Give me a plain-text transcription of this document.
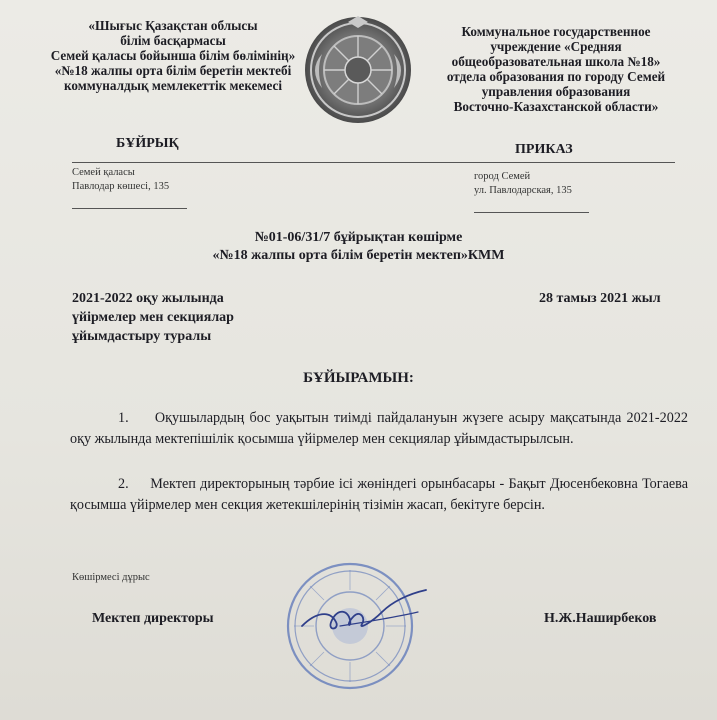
«Шығыс Қазақстан облысы
білім басқармасы
Семей қаласы бойынша білім бөлімінің»
«№18 жалпы орта білім беретін мектебі
коммуналдық мемлекеттік мекемесі
Коммунальное государственное
учреждение «Средняя
общеобразовательная школа №18»
отдела образования по городу Семей
управления образования
Восточно-Казахстанской области»
БҰЙРЫҚ	ПРИКАЗ
Семей қаласы
Павлодар көшесі, 135
город Семей
ул. Павлодарская, 135
№01-06/31/7 бұйрықтан көшірме
«№18 жалпы орта білім беретін мектеп»КММ
2021-2022 оқу жылында
үйірмелер мен секциялар
ұйымдастыру туралы
28 тамыз 2021 жыл
БҰЙЫРАМЫН:
1. Оқушылардың бос уақытын тиімді пайдалануын жүзеге асыру мақсатында 2021-2022 оқу жылында мектепішілік қосымша үйірмелер мен секциялар ұйымдастырылсын.
2. Мектеп директорының тәрбие ісі жөніндегі орынбасары - Бақыт Дюсенбековна Тогаева қосымша үйірмелер мен секция жетекшілерінің тізімін жасап, бекітуге берсін.
Көшірмесі дұрыс
Мектеп директоры	Н.Ж.Наширбеков
